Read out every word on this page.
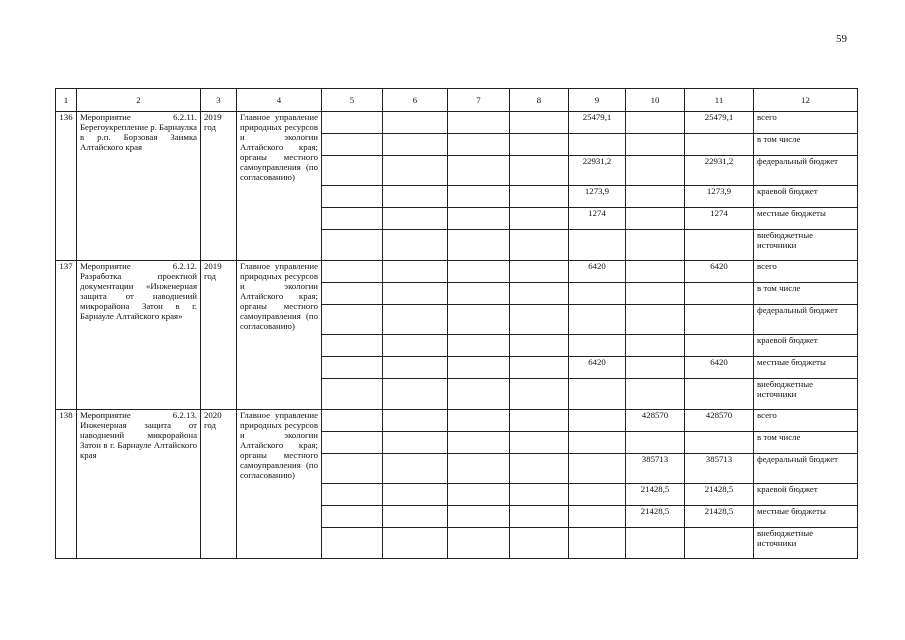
59
1	2	3	4	5	6	7	8	9	10	11	12
136	Мероприятие 6.2.11. Берегоукрепление р. Барнаулка в р.п. Борзовая Заимка Алтайского края	2019 год	Главное управление природных ресурсов и экологии Алтайского края; органы местного самоуправления (по согласованию)					25479,1		25479,1	всего
											в том числе
								22931,2		22931,2	федеральный бюджет
								1273,9		1273,9	краевой бюджет
								1274		1274	местные бюджеты
											внебюджетные источники
137	Мероприятие 6.2.12. Разработка проектной документации «Инженерная защита от наводнений микрорайона Затон в г. Барнауле Алтайского края»	2019 год	Главное управление природных ресурсов и экологии Алтайского края; органы местного самоуправления (по согласованию)					6420		6420	всего
											в том числе
											федеральный бюджет
											краевой бюджет
								6420		6420	местные бюджеты
											внебюджетные источники
138	Мероприятие 6.2.13. Инженерная защита от наводнений микрорайона Затон в г. Барнауле Алтайского края	2020 год	Главное управление природных ресурсов и экологии Алтайского края; органы местного самоуправления (по согласованию)						428570	428570	всего
											в том числе
									385713	385713	федеральный бюджет
									21428,5	21428,5	краевой бюджет
									21428,5	21428,5	местные бюджеты
											внебюджетные источники
